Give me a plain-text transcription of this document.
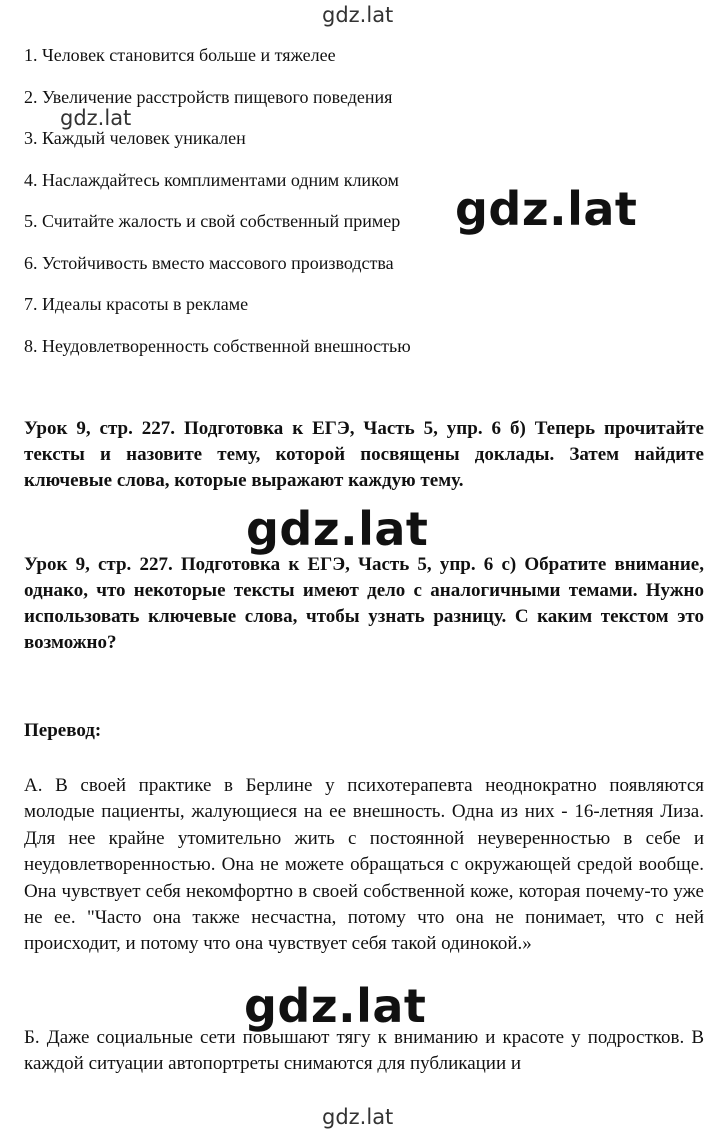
gdz.lat
gdz.lat
gdz.lat
gdz.lat
gdz.lat
gdz.lat
1. Человек становится больше и тяжелее
2. Увеличение расстройств пищевого поведения
3. Каждый человек уникален
4. Наслаждайтесь комплиментами одним кликом
5. Считайте жалость и свой собственный пример
6. Устойчивость вместо массового производства
7. Идеалы красоты в рекламе
8. Неудовлетворенность собственной внешностью
Урок 9, стр. 227. Подготовка к ЕГЭ, Часть 5, упр. 6 б) Теперь прочитайте тексты и назовите тему, которой посвящены доклады. Затем найдите ключевые слова, которые выражают каждую тему.
Урок 9, стр. 227. Подготовка к ЕГЭ, Часть 5, упр. 6 с) Обратите внимание, однако, что некоторые тексты имеют дело с аналогичными темами. Нужно использовать ключевые слова, чтобы узнать разницу. С каким текстом это возможно?
Перевод:
А. В своей практике в Берлине у психотерапевта неоднократно появляются молодые пациенты, жалующиеся на ее внешность. Одна из них - 16-летняя Лиза. Для нее крайне утомительно жить с постоянной неуверенностью в себе и неудовлетворенностью. Она не можете обращаться с окружающей средой вообще. Она чувствует себя некомфортно в своей собственной коже, которая почему-то уже не ее. "Часто она также несчастна, потому что она не понимает, что с ней происходит, и потому что она чувствует себя такой одинокой.»
Б. Даже социальные сети повышают тягу к вниманию и красоте у подростков. В каждой ситуации автопортреты снимаются для публикации и
